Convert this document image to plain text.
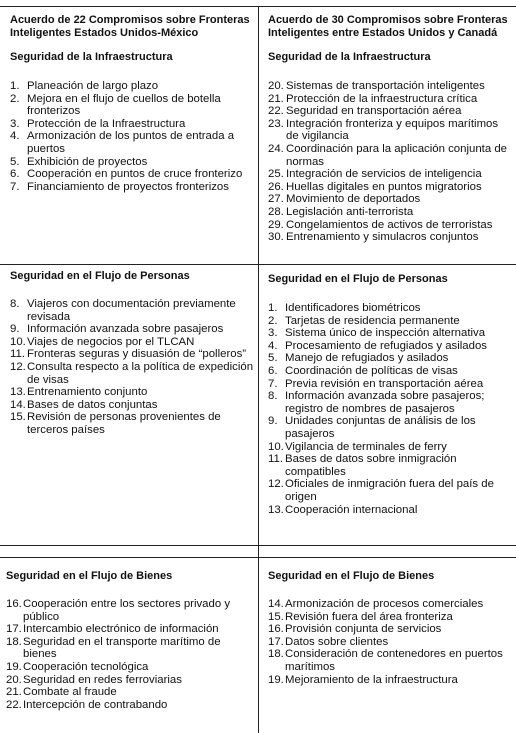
Acuerdo de 22 Compromisos sobre Fronteras Inteligentes Estados Unidos-México
Acuerdo de 30 Compromisos sobre Fronteras Inteligentes entre Estados Unidos y Canadá
Seguridad de la Infraestructura	Seguridad de la Infraestructura
1. Planeación de largo plazo
2. Mejora en el flujo de cuellos de botella fronterizos
3. Protección de la Infraestructura
4. Armonización de los puntos de entrada a puertos
5. Exhibición de proyectos
6. Cooperación en puntos de cruce fronterizo
7. Financiamiento de proyectos fronterizos
20. Sistemas de transportación inteligentes
21. Protección de la infraestructura crítica
22. Seguridad en transportación aérea
23. Integración fronteriza y equipos marítimos de vigilancia
24. Coordinación para la aplicación conjunta de normas
25. Integración de servicios de inteligencia
26. Huellas digitales en puntos migratorios
27. Movimiento de deportados
28. Legislación anti-terrorista
29. Congelamientos de activos de terroristas
30. Entrenamiento y simulacros conjuntos
Seguridad en el Flujo de Personas	Seguridad en el Flujo de Personas
8. Viajeros con documentación previamente revisada
9. Información avanzada sobre pasajeros
10. Viajes de negocios por el TLCAN
11. Fronteras seguras y disuasión de “polleros”
12. Consulta respecto a la política de expedición de visas
13. Entrenamiento conjunto
14. Bases de datos conjuntas
15. Revisión de personas provenientes de terceros países
1. Identificadores biométricos
2. Tarjetas de residencia permanente
3. Sistema único de inspección alternativa
4. Procesamiento de refugiados y asilados
5. Manejo de refugiados y asilados
6. Coordinación de políticas de visas
7. Previa revisión en transportación aérea
8. Información avanzada sobre pasajeros; registro de nombres de pasajeros
9. Unidades conjuntas de análisis de los pasajeros
10. Vigilancia de terminales de ferry
11. Bases de datos sobre inmigración compatibles
12. Oficiales de inmigración fuera del país de origen
13. Cooperación internacional
Seguridad en el Flujo de Bienes	Seguridad en el Flujo de Bienes
16. Cooperación entre los sectores privado y público
17. Intercambio electrónico de información
18. Seguridad en el transporte marítimo de bienes
19. Cooperación tecnológica
20. Seguridad en redes ferroviarias
21. Combate al fraude
22. Intercepción de contrabando
14. Armonización de procesos comerciales
15. Revisión fuera del área fronteriza
16. Provisión conjunta de servicios
17. Datos sobre clientes
18. Consideración de contenedores en puertos marítimos
19. Mejoramiento de la infraestructura
